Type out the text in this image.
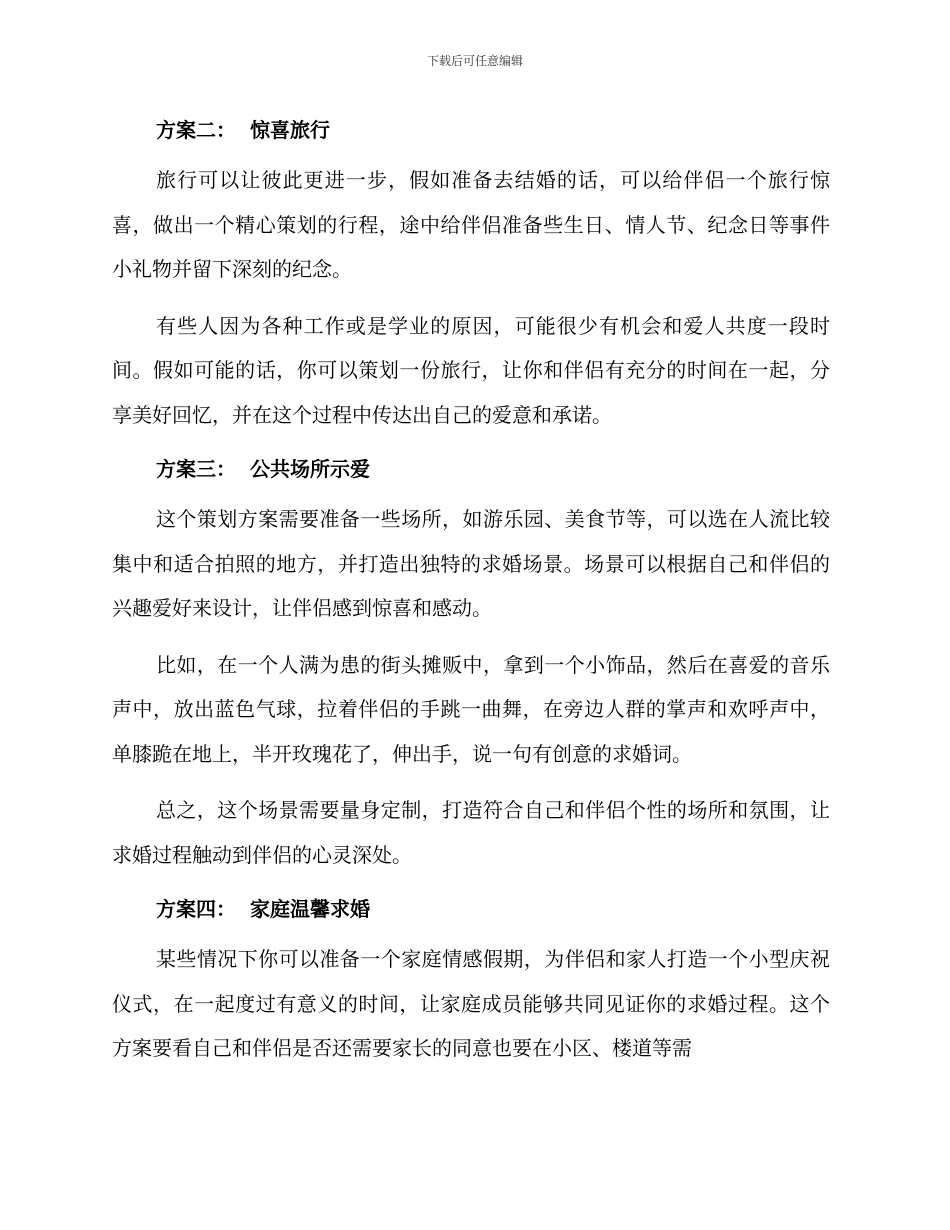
下载后可任意编辑
方案二： 惊喜旅行

旅行可以让彼此更进一步，假如准备去结婚的话，可以给伴侣一个旅行惊喜，做出一个精心策划的行程，途中给伴侣准备些生日、情人节、纪念日等事件小礼物并留下深刻的纪念。

有些人因为各种工作或是学业的原因，可能很少有机会和爱人共度一段时间。假如可能的话，你可以策划一份旅行，让你和伴侣有充分的时间在一起，分享美好回忆，并在这个过程中传达出自己的爱意和承诺。

方案三： 公共场所示爱

这个策划方案需要准备一些场所，如游乐园、美食节等，可以选在人流比较集中和适合拍照的地方，并打造出独特的求婚场景。场景可以根据自己和伴侣的兴趣爱好来设计，让伴侣感到惊喜和感动。

比如，在一个人满为患的街头摊贩中，拿到一个小饰品，然后在喜爱的音乐声中，放出蓝色气球，拉着伴侣的手跳一曲舞，在旁边人群的掌声和欢呼声中，单膝跪在地上，半开玫瑰花了，伸出手，说一句有创意的求婚词。

总之，这个场景需要量身定制，打造符合自己和伴侣个性的场所和氛围，让求婚过程触动到伴侣的心灵深处。

方案四： 家庭温馨求婚

某些情况下你可以准备一个家庭情感假期，为伴侣和家人打造一个小型庆祝仪式，在一起度过有意义的时间，让家庭成员能够共同见证你的求婚过程。这个方案要看自己和伴侣是否还需要家长的同意也要在小区、楼道等需
